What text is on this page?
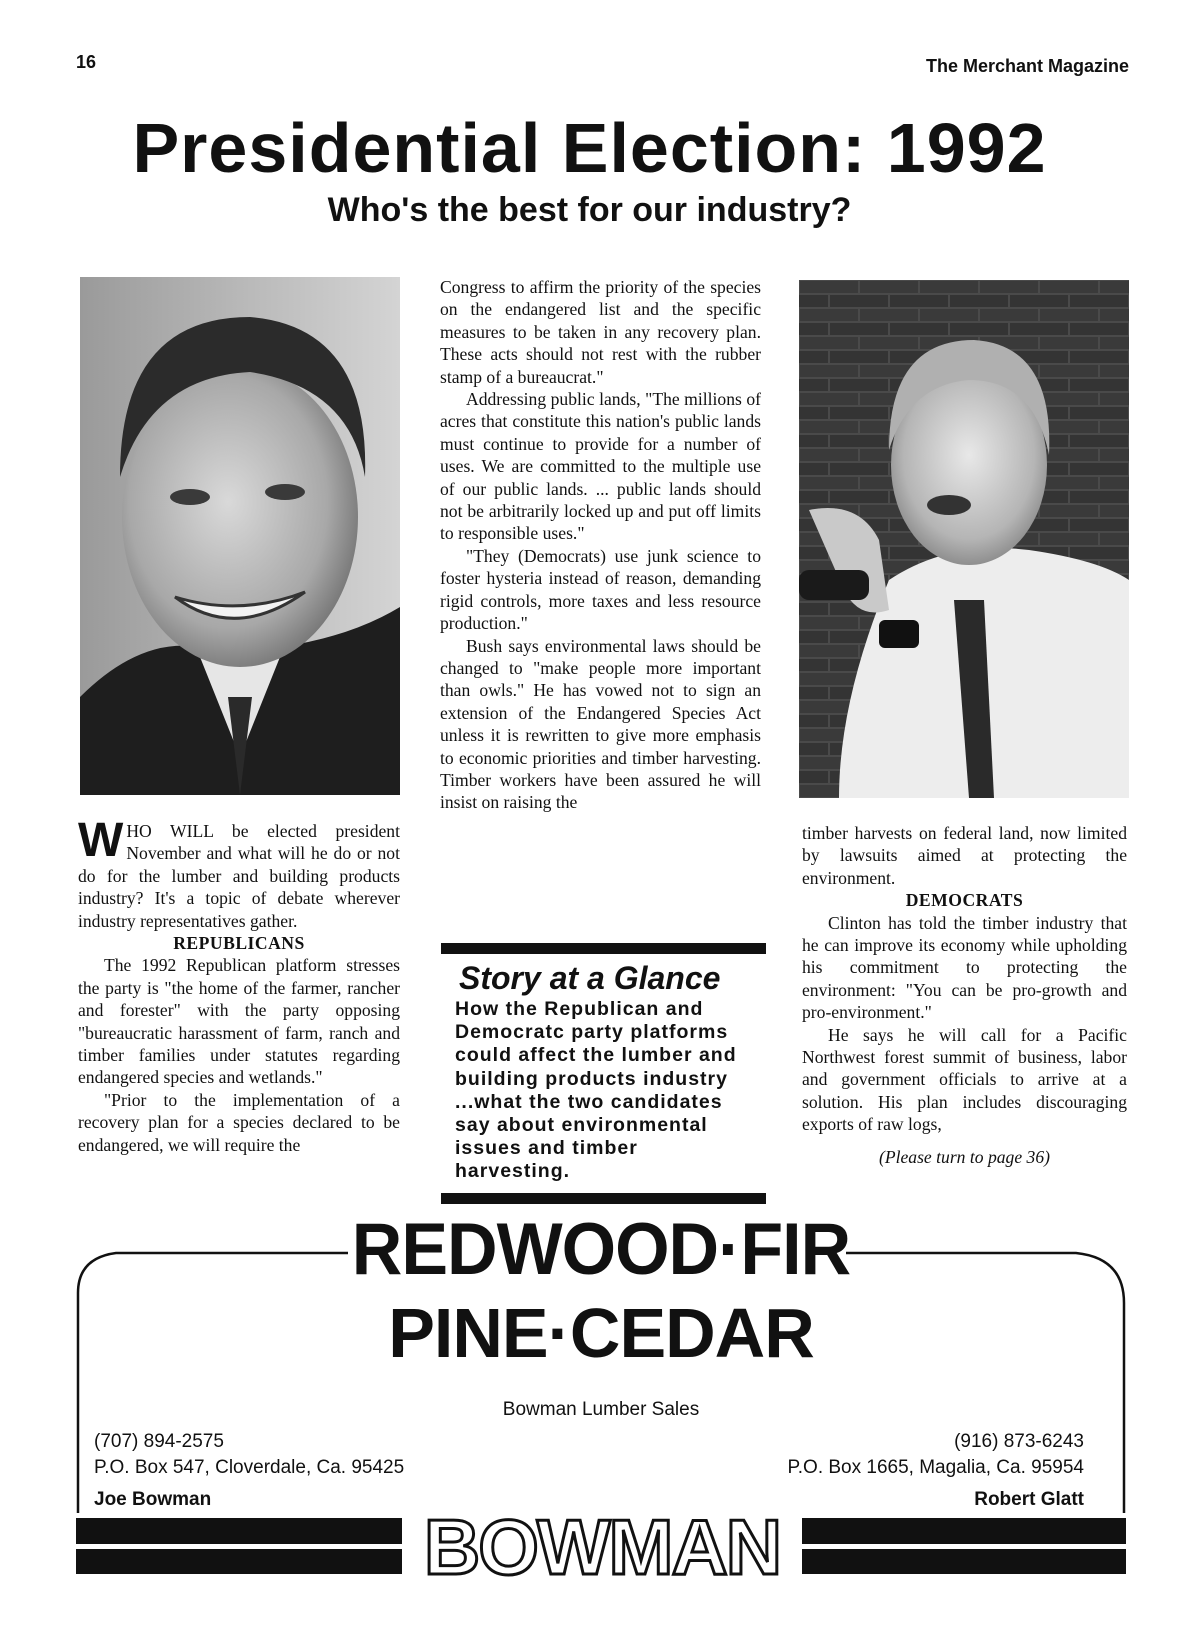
16	The Merchant Magazine
Presidential Election: 1992
Who's the best for our industry?

WHO WILL be elected president November and what will he do or not do for the lumber and building products industry? It's a topic of debate wherever industry representatives gather.

REPUBLICANS

The 1992 Republican platform stresses the party is "the home of the farmer, rancher and forester" with the party opposing "bureaucratic harassment of farm, ranch and timber families under statutes regarding endangered species and wetlands."

"Prior to the implementation of a recovery plan for a species declared to be endangered, we will require the

Congress to affirm the priority of the species on the endangered list and the specific measures to be taken in any recovery plan. These acts should not rest with the rubber stamp of a bureaucrat."

Addressing public lands, "The millions of acres that constitute this nation's public lands must continue to provide for a number of uses. We are committed to the multiple use of our public lands. ... public lands should not be arbitrarily locked up and put off limits to responsible uses."

"They (Democrats) use junk science to foster hysteria instead of reason, demanding rigid controls, more taxes and less resource production."

Bush says environmental laws should be changed to "make people more important than owls." He has vowed not to sign an extension of the Endangered Species Act unless it is rewritten to give more emphasis to economic priorities and timber harvesting. Timber workers have been assured he will insist on raising the

Story at a Glance
How the Republican and Democratc party platforms could affect the lumber and building products industry ...what the two candidates say about environmental issues and timber harvesting.

timber harvests on federal land, now limited by lawsuits aimed at protecting the environment.

DEMOCRATS

Clinton has told the timber industry that he can improve its economy while upholding his commitment to protecting the environment: "You can be pro-growth and pro-environment."

He says he will call for a Pacific Northwest forest summit of business, labor and government officials to arrive at a solution. His plan includes discouraging exports of raw logs,

(Please turn to page 36)

REDWOOD·FIR
PINE·CEDAR
Bowman Lumber Sales
(707) 894-2575
P.O. Box 547, Cloverdale, Ca. 95425
Joe Bowman
(916) 873-6243
P.O. Box 1665, Magalia, Ca. 95954
Robert Glatt
BOWMAN
